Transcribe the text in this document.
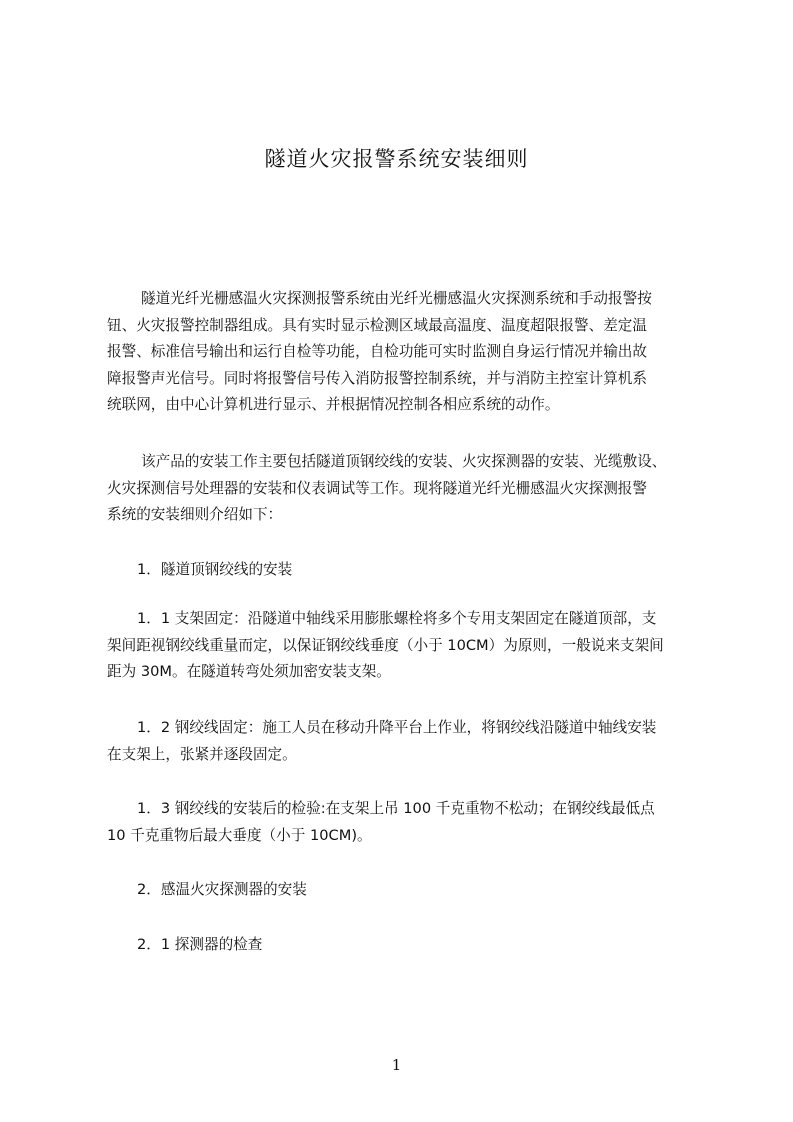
隧道火灾报警系统安装细则

隧道光纤光栅感温火灾探测报警系统由光纤光栅感温火灾探测系统和手动报警按
钮、火灾报警控制器组成。具有实时显示检测区域最高温度、温度超限报警、差定温
报警、标准信号输出和运行自检等功能，自检功能可实时监测自身运行情况并输出故
障报警声光信号。同时将报警信号传入消防报警控制系统，并与消防主控室计算机系
统联网，由中心计算机进行显示、并根据情况控制各相应系统的动作。

该产品的安装工作主要包括隧道顶钢绞线的安装、火灾探测器的安装、光缆敷设、
火灾探测信号处理器的安装和仪表调试等工作。现将隧道光纤光栅感温火灾探测报警
系统的安装细则介绍如下：

1．隧道顶钢绞线的安装

1．1 支架固定：沿隧道中轴线采用膨胀螺栓将多个专用支架固定在隧道顶部，支
架间距视钢绞线重量而定，以保证钢绞线垂度（小于 10CM）为原则，一般说来支架间
距为 30M。在隧道转弯处须加密安装支架。

1．2 钢绞线固定：施工人员在移动升降平台上作业，将钢绞线沿隧道中轴线安装
在支架上，张紧并逐段固定。

1．3 钢绞线的安装后的检验:在支架上吊 100 千克重物不松动；在钢绞线最低点
10 千克重物后最大垂度（小于 10CM)。

2．感温火灾探测器的安装

2．1 探测器的检查

1
